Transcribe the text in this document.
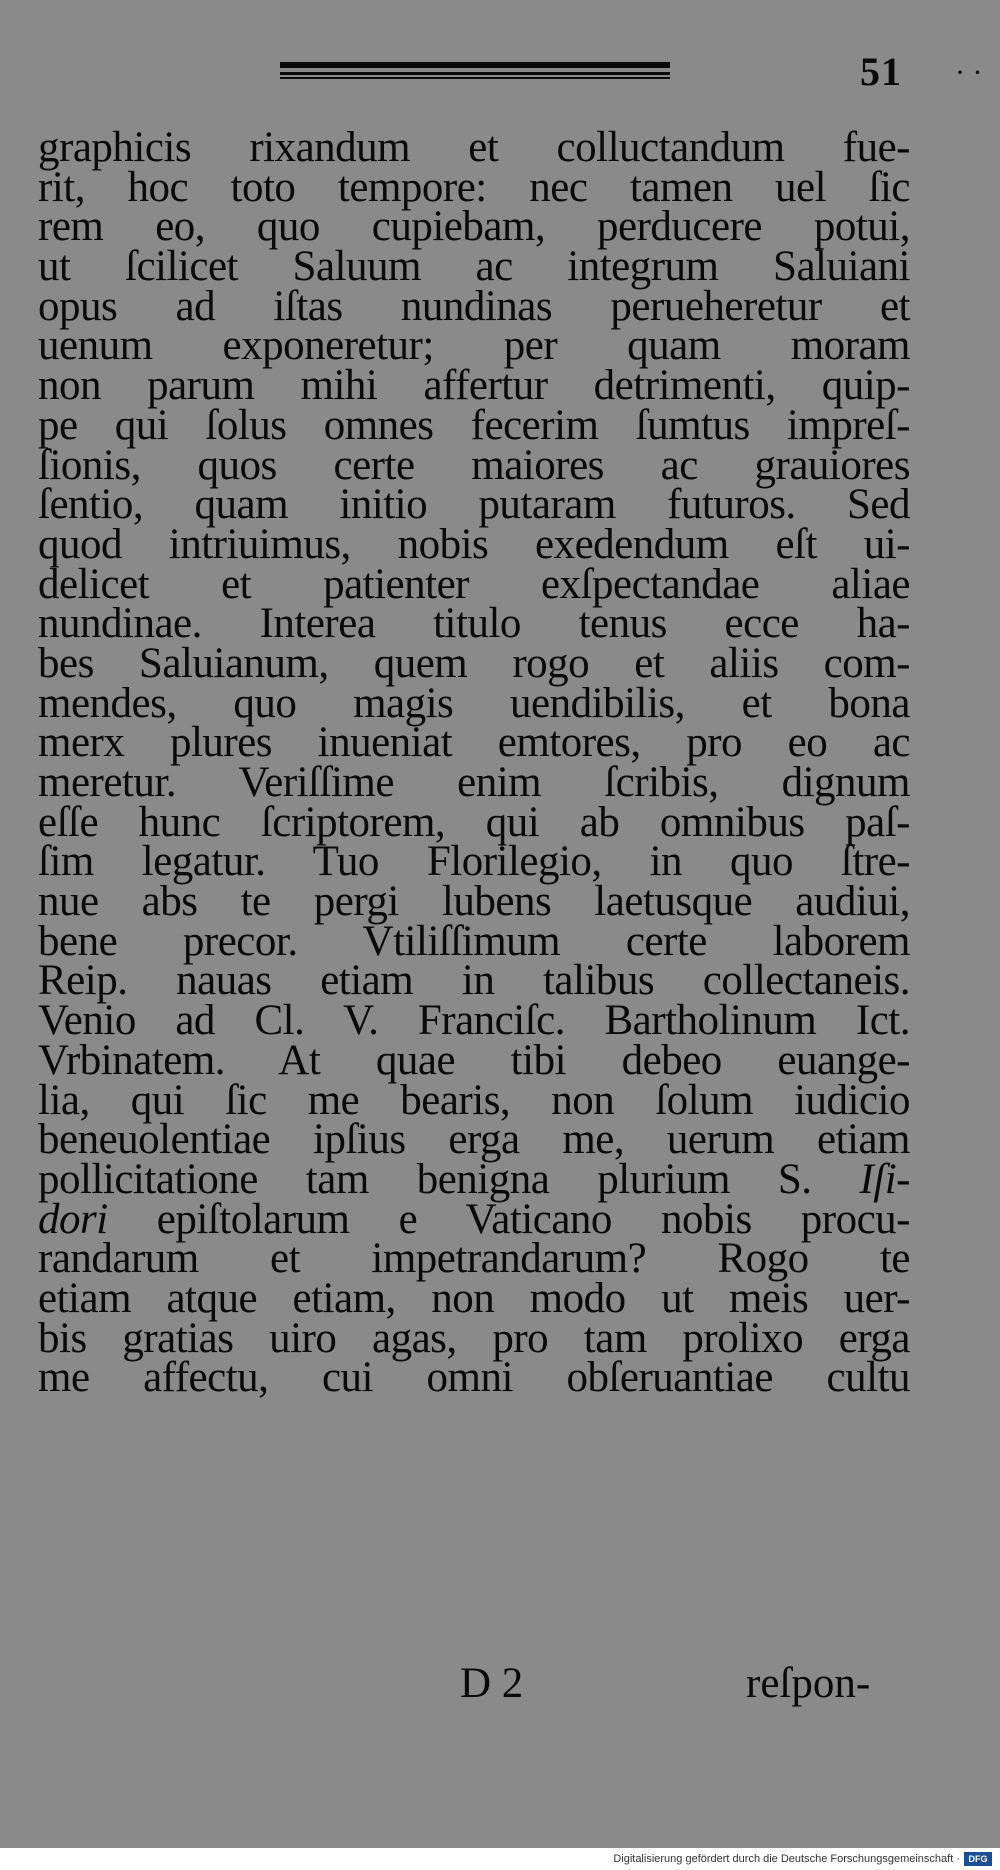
51 · ·
graphicis rixandum et colluctandum fue-
rit, hoc toto tempore: nec tamen uel ſic
rem eo, quo cupiebam, perducere potui,
ut ſcilicet Saluum ac integrum Saluiani
opus ad iſtas nundinas perueheretur et
uenum exponeretur; per quam moram
non parum mihi affertur detrimenti, quip-
pe qui ſolus omnes fecerim ſumtus impreſ-
ſionis, quos certe maiores ac grauiores
ſentio, quam initio putaram futuros. Sed
quod intriuimus, nobis exedendum eſt ui-
delicet et patienter exſpectandae aliae
nundinae. Interea titulo tenus ecce ha-
bes Saluianum, quem rogo et aliis com-
mendes, quo magis uendibilis, et bona
merx plures inueniat emtores, pro eo ac
meretur. Veriſſime enim ſcribis, dignum
eſſe hunc ſcriptorem, qui ab omnibus paſ-
ſim legatur. Tuo Florilegio, in quo ſtre-
nue abs te pergi lubens laetusque audiui,
bene precor. Vtiliſſimum certe laborem
Reip. nauas etiam in talibus collectaneis.
Venio ad Cl. V. Franciſc. Bartholinum Ict.
Vrbinatem. At quae tibi debeo euange-
lia, qui ſic me bearis, non ſolum iudicio
beneuolentiae ipſius erga me, uerum etiam
pollicitatione tam benigna plurium S. Iſi-
dori epiſtolarum e Vaticano nobis procu-
randarum et impetrandarum? Rogo te
etiam atque etiam, non modo ut meis uer-
bis gratias uiro agas, pro tam prolixo erga
me affectu, cui omni obſeruantiae cultu
D 2	reſpon-
Digitalisierung gefördert durch die Deutsche Forschungsgemeinschaft · DFG
